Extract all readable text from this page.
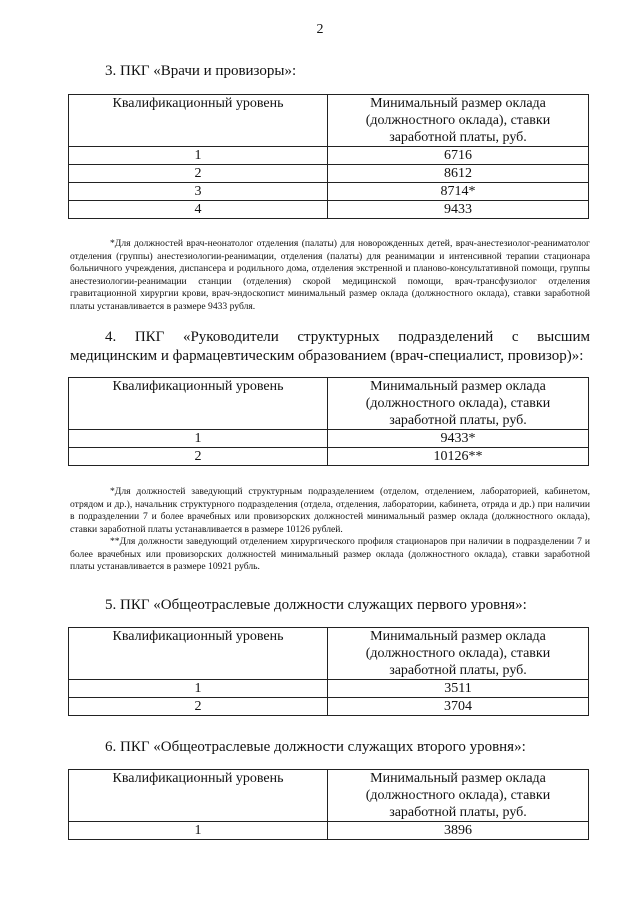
2
3. ПКГ «Врачи и провизоры»:
Квалификационный уровень	Минимальный размер оклада
(должностного оклада), ставки
заработной платы, руб.

1	6716
2	8612
3	8714*
4	9433

*Для должностей врач-неонатолог отделения (палаты) для новорожденных детей, врач-анестезиолог-реаниматолог отделения (группы) анестезиологии-реанимации, отделения (палаты) для реанимации и интенсивной терапии стационара больничного учреждения, диспансера и родильного дома, отделения экстренной и планово-консультативной помощи, группы анестезиологии-реанимации станции (отделения) скорой медицинской помощи, врач-трансфузиолог отделения гравитационной хирургии крови, врач-эндоскопист минимальный размер оклада (должностного оклада), ставки заработной платы устанавливается в размере 9433 рубля.

4. ПКГ «Руководители структурных подразделений с высшим медицинским и фармацевтическим образованием (врач-специалист, провизор)»:
Квалификационный уровень	Минимальный размер оклада
(должностного оклада), ставки
заработной платы, руб.

1	9433*
2	10126**

*Для должностей заведующий структурным подразделением (отделом, отделением, лабораторией, кабинетом, отрядом и др.), начальник структурного подразделения (отдела, отделения, лаборатории, кабинета, отряда и др.) при наличии в подразделении 7 и более врачебных или провизорских должностей минимальный размер оклада (должностного оклада), ставки заработной платы устанавливается в размере 10126 рублей.

**Для должности заведующий отделением хирургического профиля стационаров при наличии в подразделении 7 и более врачебных или провизорских должностей минимальный размер оклада (должностного оклада), ставки заработной платы устанавливается в размере 10921 рубль.

5. ПКГ «Общеотраслевые должности служащих первого уровня»:
Квалификационный уровень	Минимальный размер оклада
(должностного оклада), ставки
заработной платы, руб.

1	3511
2	3704
6. ПКГ «Общеотраслевые должности служащих второго уровня»:
Квалификационный уровень	Минимальный размер оклада
(должностного оклада), ставки
заработной платы, руб.

1	3896
